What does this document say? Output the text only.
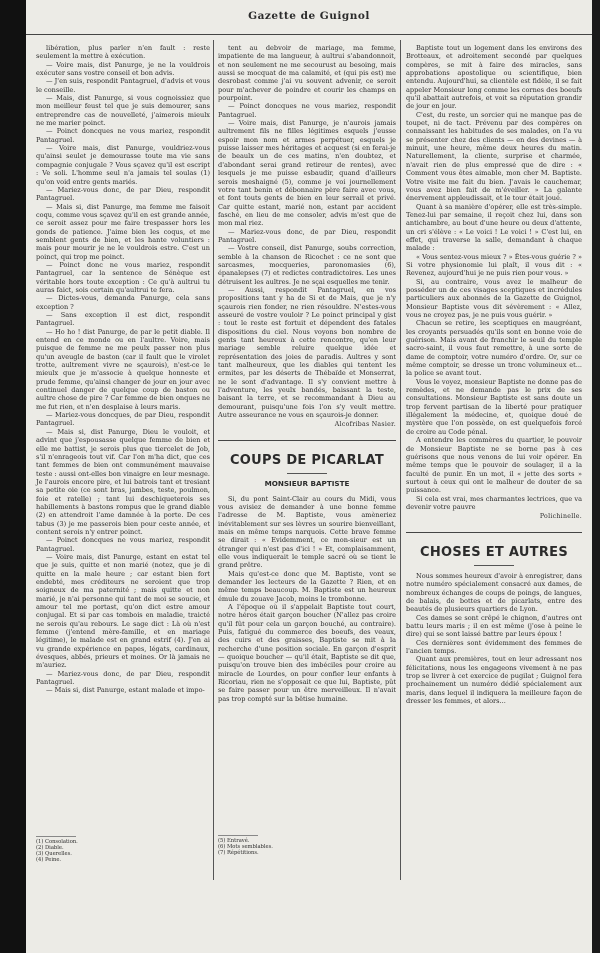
Gazette de Guignol

libération, plus parler n'en fault : reste seulement la mettre à exécution.

— Voire mais, dist Panurge, je ne la vouldrois exécuter sans vostre conseil et bon advis.

— J'en suis, respondit Pantagruel, d'advis et vous le conseille.

— Mais, dist Panurge, si vous cognoissiez que mon meilleur feust tel que je suis demourer, sans entreprendre cas de nouvelleté, j'aimerois mieulx ne me marier poinct.

— Poinct doncques ne vous mariez, respondit Pantagruel.

— Voire mais, dist Panurge, vouldriez-vous qu'ainsi seulet je demourasse toute ma vie sans compagnie conjugale ? Vous sçavez qu'il est escript : Ve soli. L'homme seul n'a jamais tel soulas (1) qu'on void entre gents mariés.

— Mariez-vous donc, de par Dieu, respondit Pantagruel.

— Mais si, dist Panurge, ma femme me faisoit coqu, comme vous sçavez qu'il en est grande année, ce seroit assez pour me faire trespasser hors les gonds de patience. J'aime bien les coqus, et me semblent gents de bien, et les hante voluntiers : mais pour mourir je ne le vouldrois estre. C'est un poinct, qui trop me poinct.

— Poinct donc ne vous mariez, respondit Pantagruel, car la sentence de Sénèque est véritable hors toute exception : Ce qu'à aultrui tu auras faict, sois certain qu'aultrui te fera.

— Dictes-vous, demanda Panurge, cela sans exception ?

— Sans exception il est dict, respondit Pantagruel.

— Ho ho ! dist Panurge, de par le petit diable. Il entend en ce monde ou en l'aultre. Voire, mais puisque de femme ne me peulx passer non plus qu'un aveugle de baston (car il fault que le virolet trotte, aultrement vivre ne sçaurois), n'est-ce le mieulx que je m'associe à quelque honneste et prude femme, qu'ainsi changer de jour en jour avec continuel danger de quelque coup de baston ou aultre chose de pire ? Car femme de bien onques ne me fut rien, et n'en desplaise à leurs maris.

— Mariez-vous doncques, de par Dieu, respondit Pantagruel.

— Mais si, dist Panurge, Dieu le vouloit, et advint que j'espousasse quelque femme de bien et elle me battist, je serois plus que tiercelet de Job, s'il n'enrageois tout vif. Car l'on m'ha dict, que ces tant femmes de bien ont communément mauvaise teste : aussi ont-elles bon vinaigre en leur mesnage. Je l'aurois encore pire, et lui batrois tant et tresiant sa petite oie (ce sont bras, jambes, teste, poulmon, foie et ratelle) ; tant lui deschiqueterois ses habillements à bastons rompus que le grand diable (2) en attendroit l'ame damnée à la porte. De ces tabus (3) je me passerois bien pour ceste année, et content serois n'y entrer poinct.

— Poinct doncques ne vous mariez, respondit Pantagruel.

— Voire mais, dist Panurge, estant en estat tel que je suis, quitte et non marié (notez, que je di quitte en la male heure ; car estant bien fort endebté, mes créditeurs ne seroient que trop soigneux de ma paternité ; mais quitte et non marié, je n'ai personne qui tant de moi se soucie, et amour tel me portast, qu'on dict estre amour conjugal. Et si par cas tombois en maladie, traicté ne serois qu'au rebours. Le sage dict : Là où n'est femme (j'entend mère-famille, et en mariage légitime), le malade est en grand estrif (4). J'en ai vu grande expérience en papes, légats, cardinaux, évesques, abbés, prieurs et moines. Or là jamais ne m'auriez.

— Mariez-vous donc, de par Dieu, respondit Pantagruel.

— Mais si, dist Panurge, estant malade et impo-

tent au debvoir de mariage, ma femme, impatiente de ma langueur, à aultrui s'abandonnoit, et non seulement ne me secourust au besoing, mais aussi se mocquat de ma calamité, et (qui pis est) me desrobast comme j'ai vu souvent advenir, ce seroit pour m'achever de poindre et courir les champs en pourpoint.

— Poinct doncques ne vous mariez, respondit Pantagruel.

— Voire mais, dist Panurge, je n'aurois jamais aultrement fils ne filles légitimes esquels j'eusse espoir mon nom et armes perpétuer, esquels je puisse laisser mes héritages et acquest (si en ferai-je de beaulx un de ces matins, n'en doubtez, et d'abondant serai grand retireur de rentes), avec lesquels je me puisse esbaudir, quand d'ailleurs serois meshaigné (5), comme je voi journellement votre tant benin et débonnaire père faire avec vous, et font touts gents de bien en leur serrail et privé. Car quitte estant, marié non, estant par accident fasché, en lieu de me consoler, advis m'est que de mon mal riez.

— Mariez-vous donc, de par Dieu, respondit Pantagruel.

— Vostre conseil, dist Panurge, soubs correction, semble à la chanson de Ricochet : ce ne sont que sarcasmes, mocqueries, paronomasies (6), épanalepses (7) et redictes contradictoires. Les unes détruisent les aultres. Je ne sçai esquelles me tenir.

— Aussi, respondit Pantagruel, en vos propositions tant y ha de Si et de Mais, que je n'y sçaurois rien fonder, ne rien résouldre. N'estes-vous asseuré de vostre vouloir ? Le poinct principal y gist : tout le reste est fortuit et dépendent des fatales dispositions du ciel. Nous voyons bon nombre de gents tant heureux à cette rencontre, qu'en leur mariage semble reluire quelque idée et représentation des joies de paradis. Aultres y sont tant malheureux, que les diables qui tentent les ermites, par les déserts de Thébaïde et Monserrat, ne le sont d'advantage. Il s'y convient mettre à l'adventure, les yeulx bandés, baissant la teste, baisant la terre, et se recommandant à Dieu au demourant, puisqu'une fois l'on s'y veult mettre. Autre asseurance ne vous en sçaurois-je donner.

Alcofribas Nasier.
COUPS DE PICARLAT
MONSIEUR BAPTISTE

Si, du pont Saint-Clair au cours du Midi, vous vous avisiez de demander à une bonne femme l'adresse de M. Baptiste, vous amèneriez inévitablement sur ses lèvres un sourire bienveillant, mais en même temps narquois. Cette brave femme se dirait : « Evidemment, ce mon-sieur est un étranger qui n'est pas d'ici ! » Et, complaisamment, elle vous indiquerait le temple sacré où se tient le grand prêtre.

Mais qu'est-ce donc que M. Baptiste, vont se demander les lecteurs de la Gazette ? Rien, et en même temps beaucoup. M. Baptiste est un heureux émule du zouave Jacob, moins le trombonne.

A l'époque où il s'appelait Baptiste tout court, notre héros était garçon boucher (N'allez pas croire qu'il fût pour cela un garçon bouché, au contraire). Puis, fatigué du commerce des boeufs, des veaux, des cuirs et des graisses, Baptiste se mit à la recherche d'une position sociale. En garçon d'esprit — quoique boucher — qu'il était, Baptiste se dit que, puisqu'on trouve bien des imbéciles pour croire au miracle de Lourdes, on pour confier leur enfants à Ricoriau, rien ne s'opposait ce que lui, Baptiste, pût se faire passer pour un être merveilleux. Il n'avait pas trop compté sur la bêtise humaine.

Baptiste tout un logement dans les environs des Brotteaux, et adroitement secondé par quelques compères, se mit à faire des miracles, sans approbations apostolique ou scientifique, bien entendu. Aujourd'hui, sa clientèle est fidèle, il se fait appeler Monsieur long comme les cornes des boeufs qu'il abattait autrefois, et voit sa réputation grandir de jour en jour.

C'est, du reste, un sorcier qui ne manque pas de toupet, ni de tact. Prévenu par des compères on connaissant les habitudes de ses malades, on l'a vu se présenter chez des clients — en des devines — à minuit, une heure, même deux heures du matin. Naturellement, la cliente, surprise et charmée, n'avait rien de plus empressé que de dire : « Comment vous êtes aimable, mon cher M. Baptiste. Votre visite me fait du bien. J'avais le cauchemar, vous avez bien fait de m'éveiller. » La galante énervement appleudissait, et le tour était joué.

Quant à sa manière d'opérer, elle est très-simple. Tenez-lui par semaine, il reçoit chez lui, dans son antichambre, au bout d'une heure ou deux d'attente, un cri s'élève : « Le voici ! Le voici ! » C'est lui, en effet, qui traverse la salle, demandant à chaque malade :

« Vous sentez-vous mieux ? » Êtes-vous guérie ? » Si votre physionomie lui plaît, il vous dit : « Revenez, aujourd'hui je ne puis rien pour vous. »

Si, au contraire, vous avez le malheur de posséder un de ces visages sceptiques et incrédules particuliers aux abonnés de la Gazette de Guignol, Monsieur Baptiste vous dit sévèrement : « Allez, vous ne croyez pas, je ne puis vous guérir. »

Chacun se retire, les sceptiques en maugréant, les croyants persuadés qu'ils sont en bonne voie de guérison. Mais avant de franchir le seuil du temple sacro-saint, il vous faut remettre, à une sorte de dame de comptoir, votre numéro d'ordre. Or, sur ce même comptoir, se dresse un tronc volumineux et... la police se avant tout.

Vous le voyez, monsieur Baptiste ne donne pas de remèdes, et ne demande pas le prix de ses consultations. Monsieur Baptiste est sans doute un trop fervent partisan de la liberté pour pratiquer illégalement la médecine, et, quoique doué de mystère que l'on possède, on est quelquefois forcé de croire au Code pénal.

A entendre les commères du quartier, le pouvoir de Monsieur Baptiste ne se borne pas à ces guérisons que nous venons de lui voir opérer. En même temps que le pouvoir de soulager, il a la faculté de punir. En un mot, il « jette des sorts » surtout à ceux qui ont le malheur de douter de sa puissance.

Si cela est vrai, mes charmantes lectrices, que va devenir votre pauvre

Polichinelle.
CHOSES ET AUTRES

Nous sommes heureux d'avoir à enregistrer, dans notre numéro spécialement consacré aux dames, de nombreux échanges de coups de poings, de langues, de balais, de bottes et de picarlats, entre des beautés de plusieurs quartiers de Lyon.

Ces dames se sont crêpé le chignon, d'autres ont battu leurs maris ; il en est même (j'ose à peine le dire) qui se sont laissé battre par leurs époux !

Ces dernières sont évidemment des femmes de l'ancien temps.

Quant aux premières, tout en leur adressant nos félicitations, nous les engageons vivement à ne pas trop se livrer à cet exercice de pugilat ; Guignol fera prochainement un numéro dédié spécialement aux maris, dans lequel il indiquera la meilleure façon de dresser les femmes, et alors...

(1) Consolation.
(2) Diable.
(3) Querelles.
(4) Peine.
(5) Entravé.
(6) Mots semblables.
(7) Répétitions.
